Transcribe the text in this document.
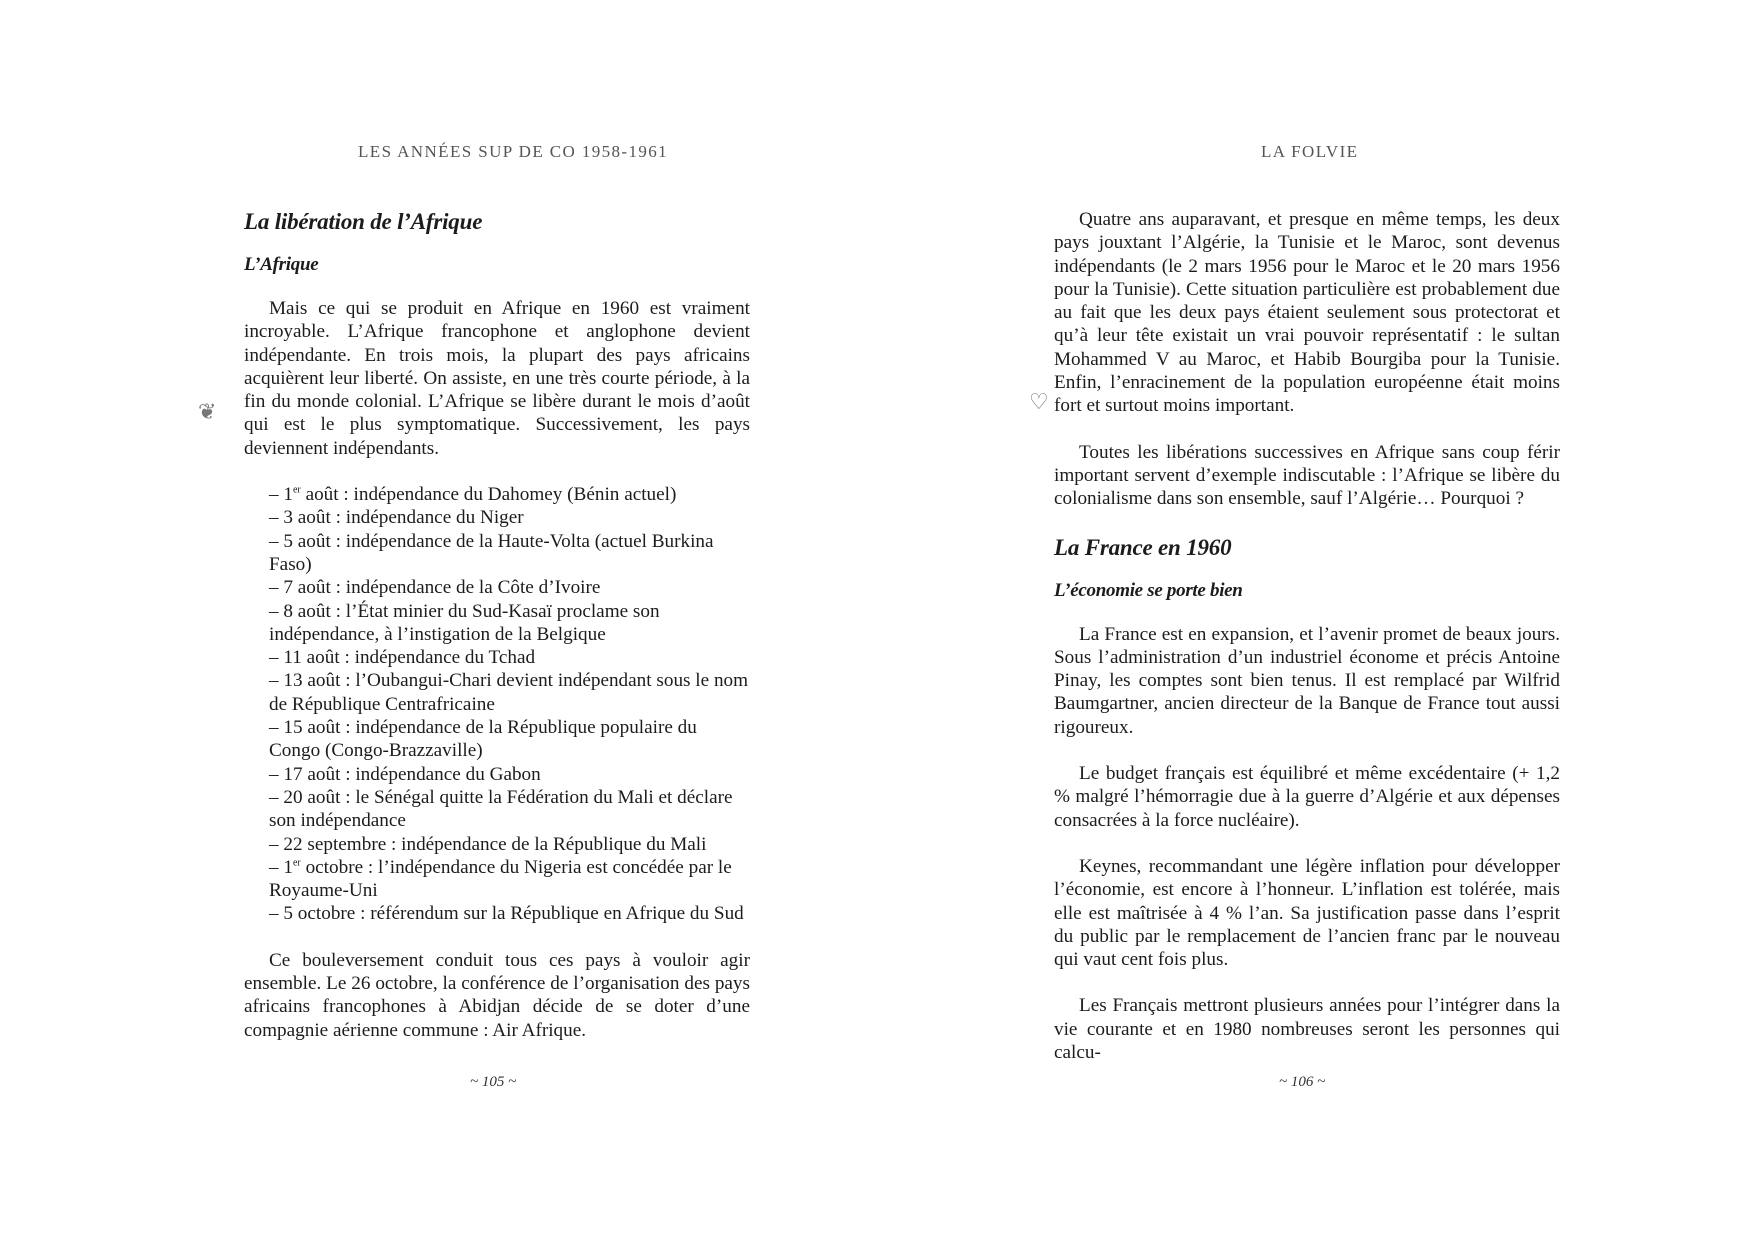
LES ANNÉES SUP DE CO 1958-1961
❦
La libération de l’Afrique
L’Afrique

Mais ce qui se produit en Afrique en 1960 est vraiment incroyable. L’Afrique francophone et anglophone devient indépendante. En trois mois, la plupart des pays africains acquièrent leur liberté. On assiste, en une très courte période, à la fin du monde colonial. L’Afrique se libère durant le mois d’août qui est le plus symptomatique. Successivement, les pays deviennent indépendants.

– 1er août : indépendance du Dahomey (Bénin actuel)
– 3 août : indépendance du Niger
– 5 août : indépendance de la Haute-Volta (actuel Burkina Faso)
– 7 août : indépendance de la Côte d’Ivoire
– 8 août : l’État minier du Sud-Kasaï proclame son indépendance, à l’instigation de la Belgique
– 11 août : indépendance du Tchad
– 13 août : l’Oubangui-Chari devient indépendant sous le nom de République Centrafricaine
– 15 août : indépendance de la République populaire du Congo (Congo-Brazzaville)
– 17 août : indépendance du Gabon
– 20 août : le Sénégal quitte la Fédération du Mali et déclare son indépendance
– 22 septembre : indépendance de la République du Mali
– 1er octobre : l’indépendance du Nigeria est concédée par le Royaume-Uni
– 5 octobre : référendum sur la République en Afrique du Sud

Ce bouleversement conduit tous ces pays à vouloir agir ensemble. Le 26 octobre, la conférence de l’organisation des pays africains francophones à Abidjan décide de se doter d’une compagnie aérienne commune : Air Afrique.

~ 105 ~
LA FOLVIE
♡

Quatre ans auparavant, et presque en même temps, les deux pays jouxtant l’Algérie, la Tunisie et le Maroc, sont devenus indépendants (le 2 mars 1956 pour le Maroc et le 20 mars 1956 pour la Tunisie). Cette situation particulière est probablement due au fait que les deux pays étaient seulement sous protectorat et qu’à leur tête existait un vrai pouvoir représentatif : le sultan Mohammed V au Maroc, et Habib Bourgiba pour la Tunisie. Enfin, l’enracinement de la population européenne était moins fort et surtout moins important.

Toutes les libérations successives en Afrique sans coup férir important servent d’exemple indiscutable : l’Afrique se libère du colonialisme dans son ensemble, sauf l’Algérie… Pourquoi ?

La France en 1960
L’économie se porte bien

La France est en expansion, et l’avenir promet de beaux jours. Sous l’administration d’un industriel économe et précis Antoine Pinay, les comptes sont bien tenus. Il est remplacé par Wilfrid Baumgartner, ancien directeur de la Banque de France tout aussi rigoureux.

Le budget français est équilibré et même excédentaire (+ 1,2 % malgré l’hémorragie due à la guerre d’Algérie et aux dépenses consacrées à la force nucléaire).

Keynes, recommandant une légère inflation pour développer l’économie, est encore à l’honneur. L’inflation est tolérée, mais elle est maîtrisée à 4 % l’an. Sa justification passe dans l’esprit du public par le remplacement de l’ancien franc par le nouveau qui vaut cent fois plus.

Les Français mettront plusieurs années pour l’intégrer dans la vie courante et en 1980 nombreuses seront les personnes qui calcu-

~ 106 ~
